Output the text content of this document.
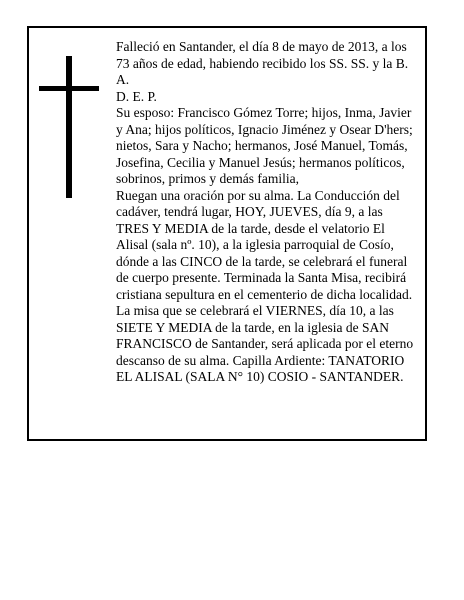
Falleció en Santander, el día 8 de mayo de 2013, a los 73 años de edad, habiendo recibido los SS. SS. y la B. A.

D. E. P.

Su esposo: Francisco Gómez Torre; hijos, Inma, Javier y Ana; hijos políticos, Ignacio Jiménez y Osear D'hers; nietos, Sara y Nacho; hermanos, José Manuel, Tomás, Josefina, Cecilia y Manuel Jesús; hermanos políticos, sobrinos, primos y demás familia,

Ruegan una oración por su alma. La Conducción del cadáver, tendrá lugar, HOY, JUEVES, día 9, a las TRES Y MEDIA de la tarde, desde el velatorio El Alisal (sala nº. 10), a la iglesia parroquial de Cosío, dónde a las CINCO de la tarde, se celebrará el funeral de cuerpo presente. Terminada la Santa Misa, recibirá cristiana sepultura en el cementerio de dicha localidad. La misa que se celebrará el VIERNES, día 10, a las SIETE Y MEDIA de la tarde, en la iglesia de SAN FRANCISCO de Santander, será aplicada por el eterno descanso de su alma. Capilla Ardiente: TANATORIO EL ALISAL (SALA N° 10) COSIO - SANTANDER.
